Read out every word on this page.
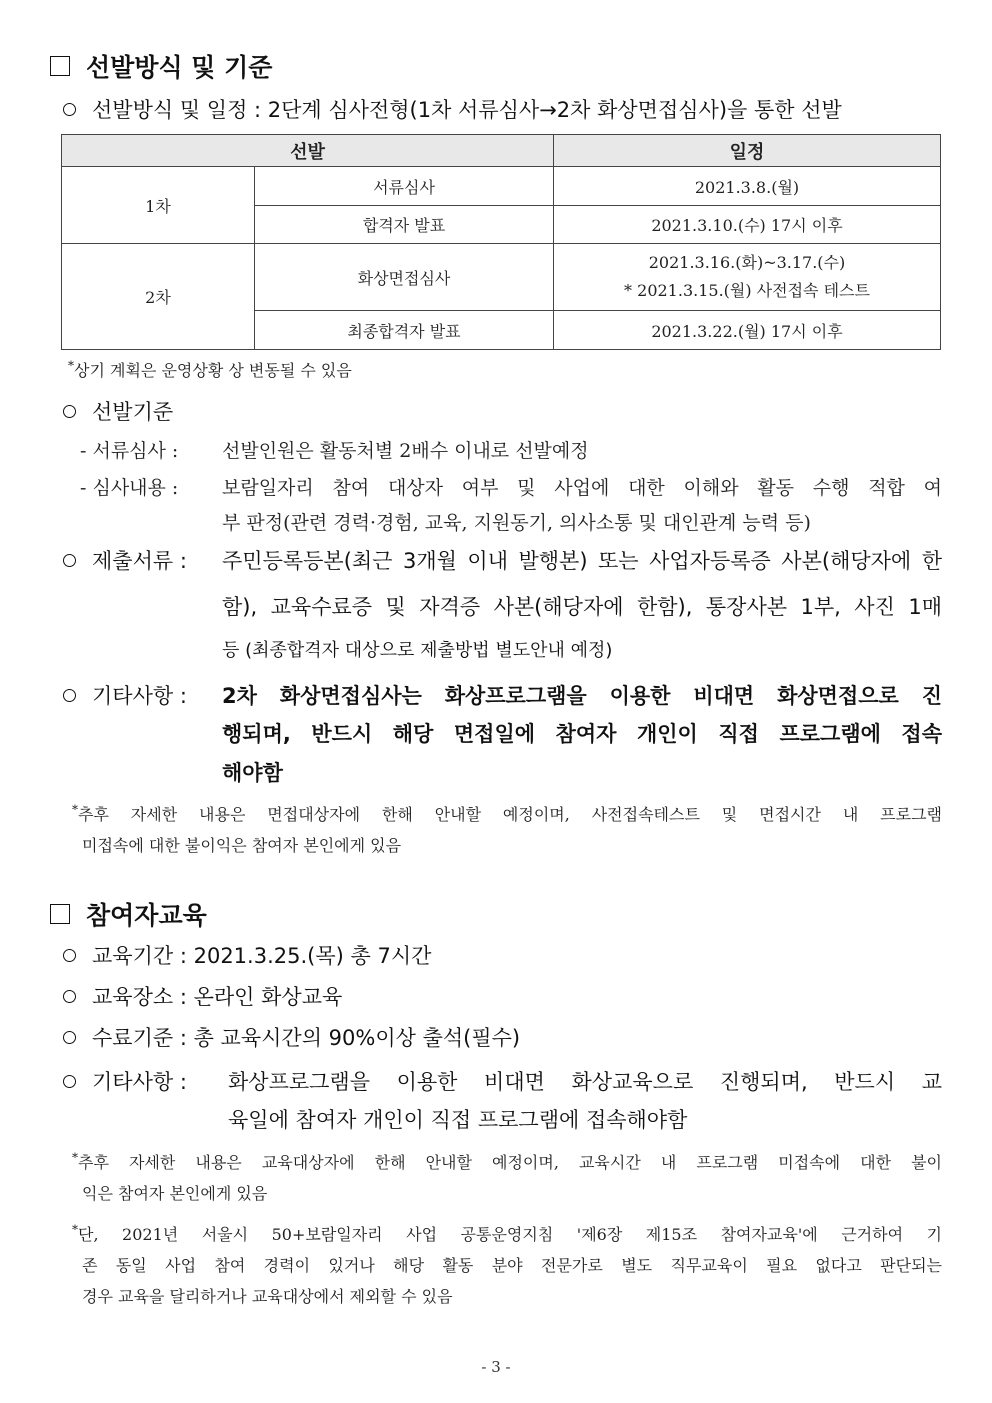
선발방식 및 기준
선발방식 및 일정 : 2단계 심사전형(1차 서류심사→2차 화상면접심사)을 통한 선발
선발		일정
1차	서류심사	2021.3.8.(월)
	합격자 발표	2021.3.10.(수) 17시 이후
2차	화상면접심사	2021.3.16.(화)~3.17.(수)
* 2021.3.15.(월) 사전접속 테스트

	최종합격자 발표	2021.3.22.(월) 17시 이후
*상기 계획은 운영상황 상 변동될 수 있음
선발기준
- 서류심사 : 선발인원은 활동처별 2배수 이내로 선발예정
- 심사내용 : 보람일자리 참여 대상자 여부 및 사업에 대한 이해와 활동 수행 적합 여
부 판정(관련 경력·경험, 교육, 지원동기, 의사소통 및 대인관계 능력 등)
제출서류 : 주민등록등본(최근 3개월 이내 발행본) 또는 사업자등록증 사본(해당자에 한
함), 교육수료증 및 자격증 사본(해당자에 한함), 통장사본 1부, 사진 1매
등 (최종합격자 대상으로 제출방법 별도안내 예정)
기타사항 : 2차 화상면접심사는 화상프로그램을 이용한 비대면 화상면접으로 진
행되며, 반드시 해당 면접일에 참여자 개인이 직접 프로그램에 접속
해야함
*추후 자세한 내용은 면접대상자에 한해 안내할 예정이며, 사전접속테스트 및 면접시간 내 프로그램
미접속에 대한 불이익은 참여자 본인에게 있음
참여자교육
교육기간 : 2021.3.25.(목) 총 7시간
교육장소 : 온라인 화상교육
수료기준 : 총 교육시간의 90%이상 출석(필수)
기타사항 : 화상프로그램을 이용한 비대면 화상교육으로 진행되며, 반드시 교
육일에 참여자 개인이 직접 프로그램에 접속해야함
*추후 자세한 내용은 교육대상자에 한해 안내할 예정이며, 교육시간 내 프로그램 미접속에 대한 불이
익은 참여자 본인에게 있음
*단, 2021년 서울시 50+보람일자리 사업 공통운영지침 '제6장 제15조 참여자교육'에 근거하여 기
존 동일 사업 참여 경력이 있거나 해당 활동 분야 전문가로 별도 직무교육이 필요 없다고 판단되는
경우 교육을 달리하거나 교육대상에서 제외할 수 있음
- 3 -
